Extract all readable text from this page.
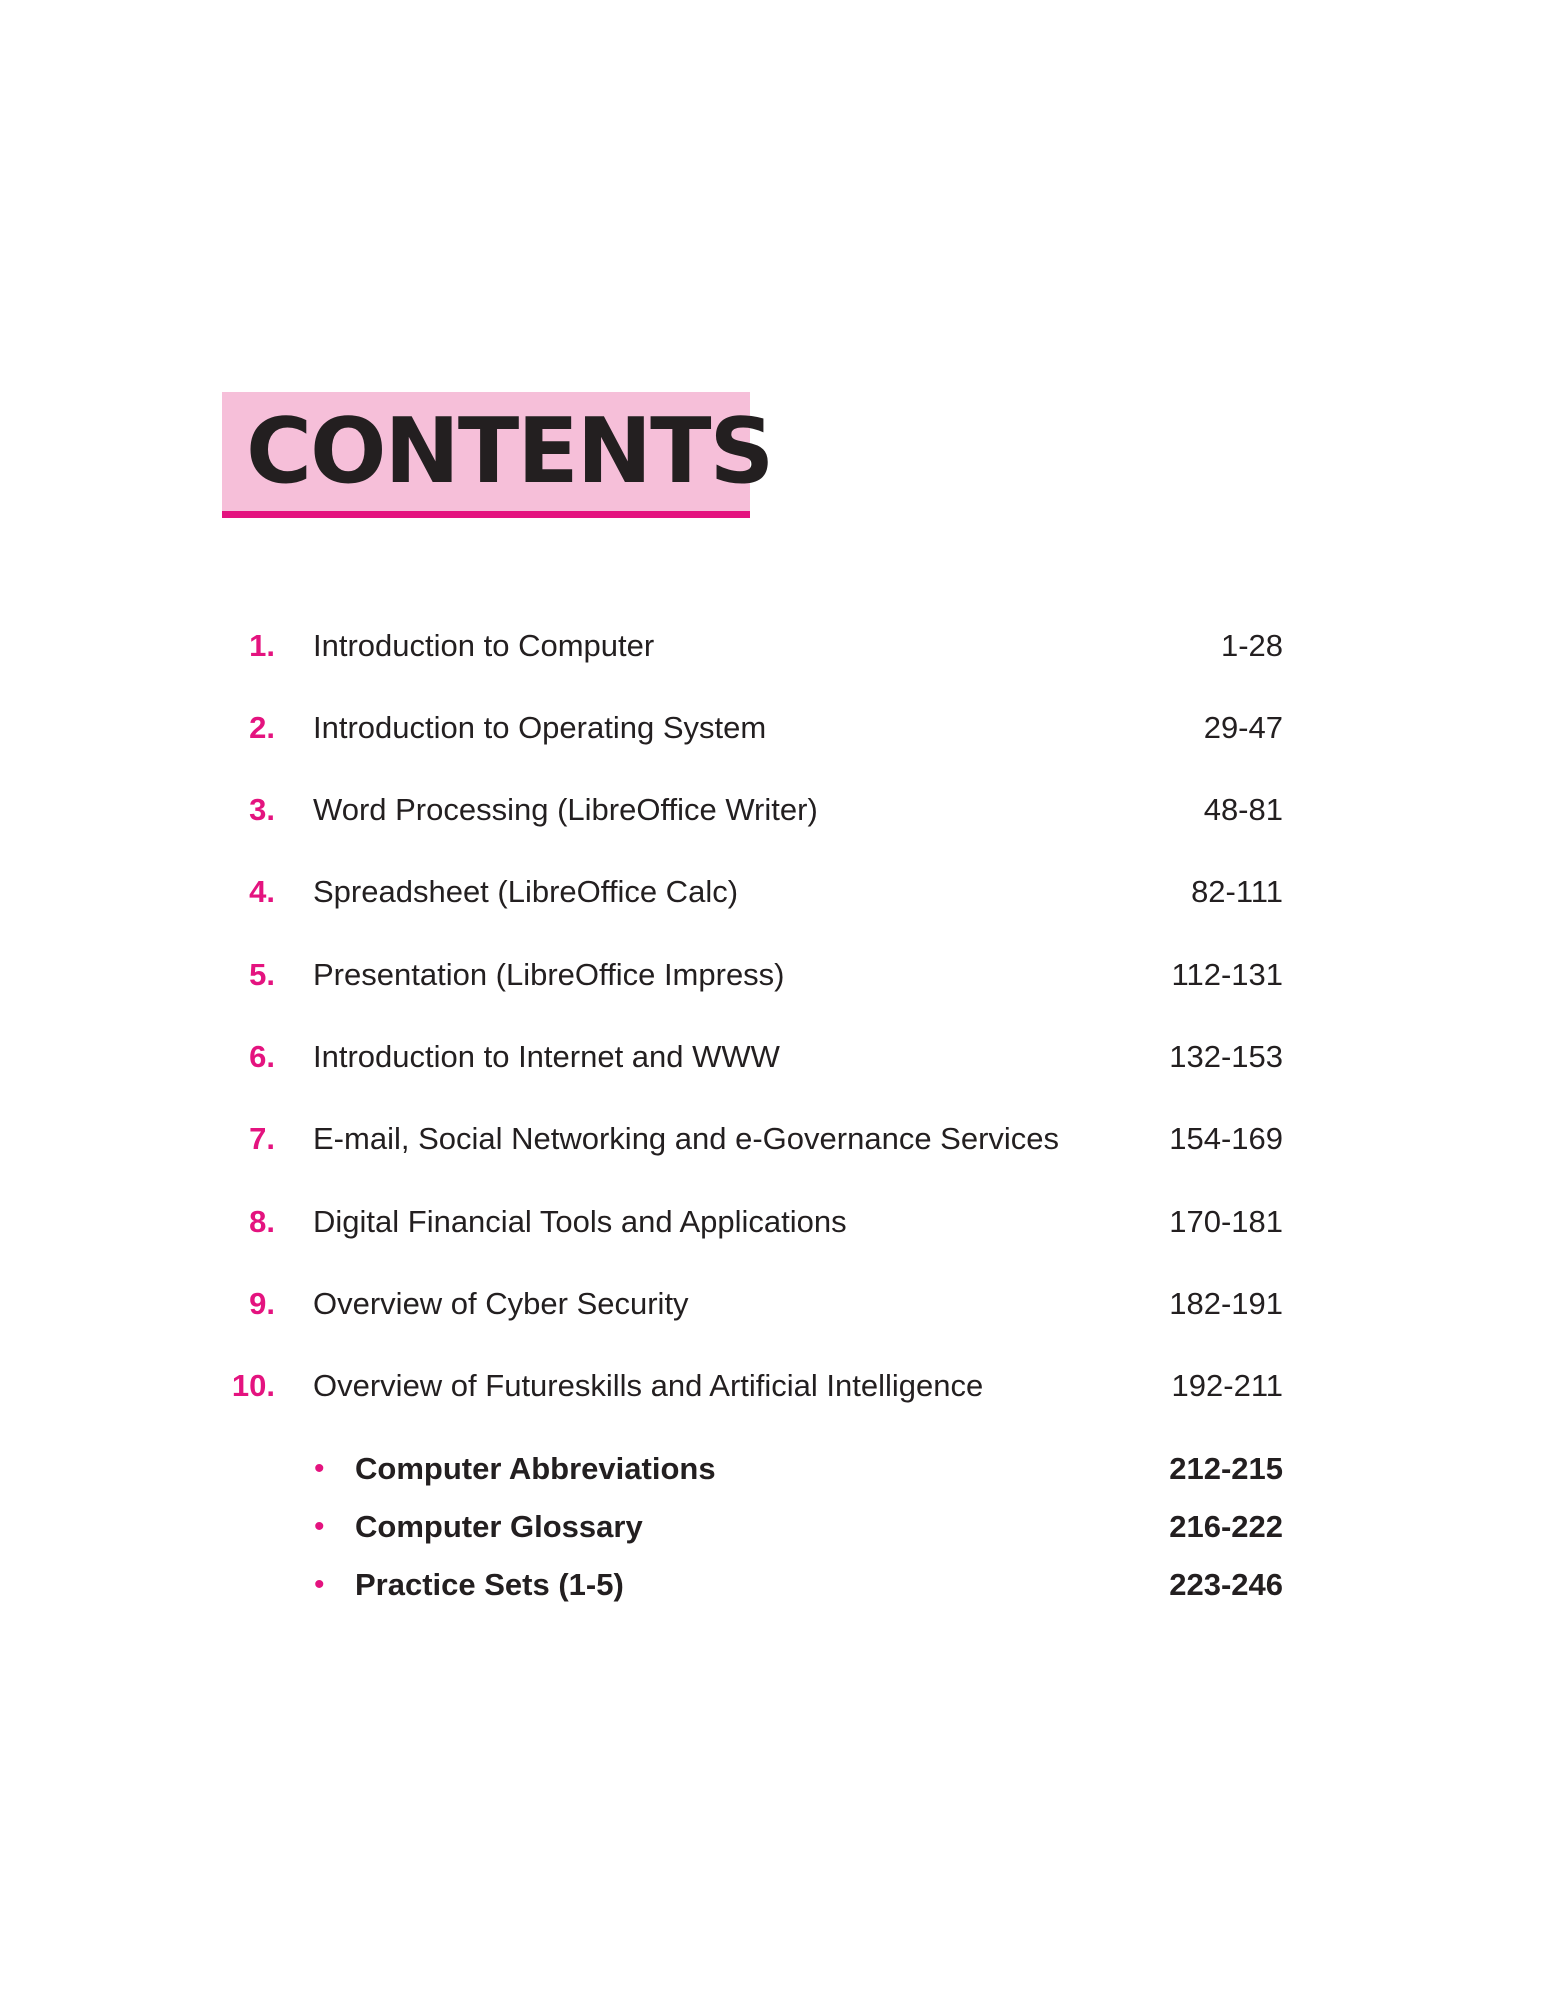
CONTENTS
1. Introduction to Computer	1-28
2. Introduction to Operating System	29-47
3. Word Processing (LibreOffice Writer)	48-81
4. Spreadsheet (LibreOffice Calc)	82-111
5. Presentation (LibreOffice Impress)	112-131
6. Introduction to Internet and WWW	132-153
7. E-mail, Social Networking and e-Governance Services	154-169
8. Digital Financial Tools and Applications	170-181
9. Overview of Cyber Security	182-191
10. Overview of Futureskills and Artificial Intelligence	192-211
• Computer Abbreviations	212-215
• Computer Glossary	216-222
• Practice Sets (1-5)	223-246
